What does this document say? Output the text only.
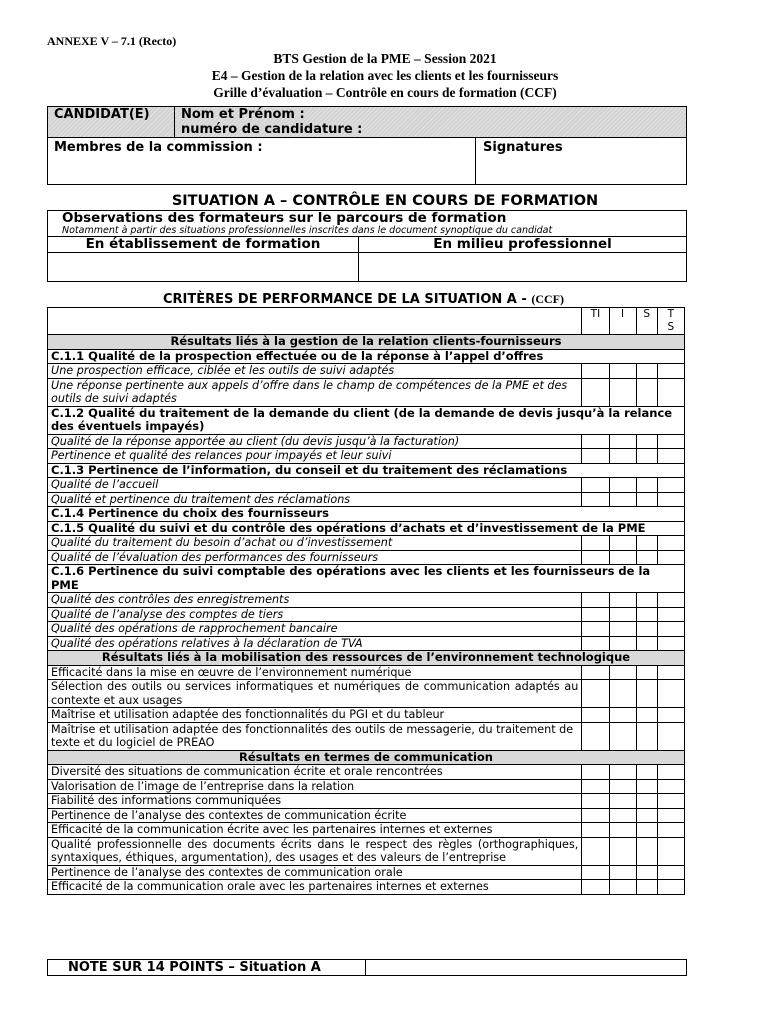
ANNEXE V – 7.1 (Recto)
BTS Gestion de la PME – Session 2021
E4 – Gestion de la relation avec les clients et les fournisseurs
Grille d’évaluation – Contrôle en cours de formation (CCF)
CANDIDAT(E)	Nom et Prénom :
numéro de candidature :	

Membres de la commission :		Signatures
SITUATION A – CONTRÔLE EN COURS DE FORMATION
Observations des formateurs sur le parcours de formation
Notamment à partir des situations professionnelles inscrites dans le document synoptique du candidat	

En établissement de formation	En milieu professionnel

CRITÈRES DE PERFORMANCE DE LA SITUATION A - (CCF)
	TI	I	S	T
S
Résultats liés à la gestion de la relation clients-fournisseurs				
C.1.1 Qualité de la prospection effectuée ou de la réponse à l’appel d’offres				
Une prospection efficace, ciblée et les outils de suivi adaptés				
Une réponse pertinente aux appels d’offre dans le champ de compétences de la PME et des outils de suivi adaptés				
C.1.2 Qualité du traitement de la demande du client (de la demande de devis jusqu’à la relance des éventuels impayés)				
Qualité de la réponse apportée au client (du devis jusqu’à la facturation)				
Pertinence et qualité des relances pour impayés et leur suivi				
C.1.3 Pertinence de l’information, du conseil et du traitement des réclamations				
Qualité de l’accueil				
Qualité et pertinence du traitement des réclamations				
C.1.4 Pertinence du choix des fournisseurs				
C.1.5 Qualité du suivi et du contrôle des opérations d’achats et d’investissement de la PME				
Qualité du traitement du besoin d’achat ou d’investissement				
Qualité de l’évaluation des performances des fournisseurs				
C.1.6 Pertinence du suivi comptable des opérations avec les clients et les fournisseurs de la PME				
Qualité des contrôles des enregistrements				
Qualité de l’analyse des comptes de tiers				
Qualité des opérations de rapprochement bancaire				
Qualité des opérations relatives à la déclaration de TVA				
Résultats liés à la mobilisation des ressources de l’environnement technologique				
Efficacité dans la mise en œuvre de l’environnement numérique				
Sélection des outils ou services informatiques et numériques de communication adaptés au contexte et aux usages				
Maîtrise et utilisation adaptée des fonctionnalités du PGI et du tableur				
Maîtrise et utilisation adaptée des fonctionnalités des outils de messagerie, du traitement de texte et du logiciel de PREAO				
Résultats en termes de communication				
Diversité des situations de communication écrite et orale rencontrées				
Valorisation de l’image de l’entreprise dans la relation				
Fiabilité des informations communiquées				
Pertinence de l’analyse des contextes de communication écrite				
Efficacité de la communication écrite avec les partenaires internes et externes				
Qualité professionnelle des documents écrits dans le respect des règles (orthographiques, syntaxiques, éthiques, argumentation), des usages et des valeurs de l’entreprise				
Pertinence de l’analyse des contextes de communication orale				
Efficacité de la communication orale avec les partenaires internes et externes				
NOTE SUR 14 POINTS – Situation A	
